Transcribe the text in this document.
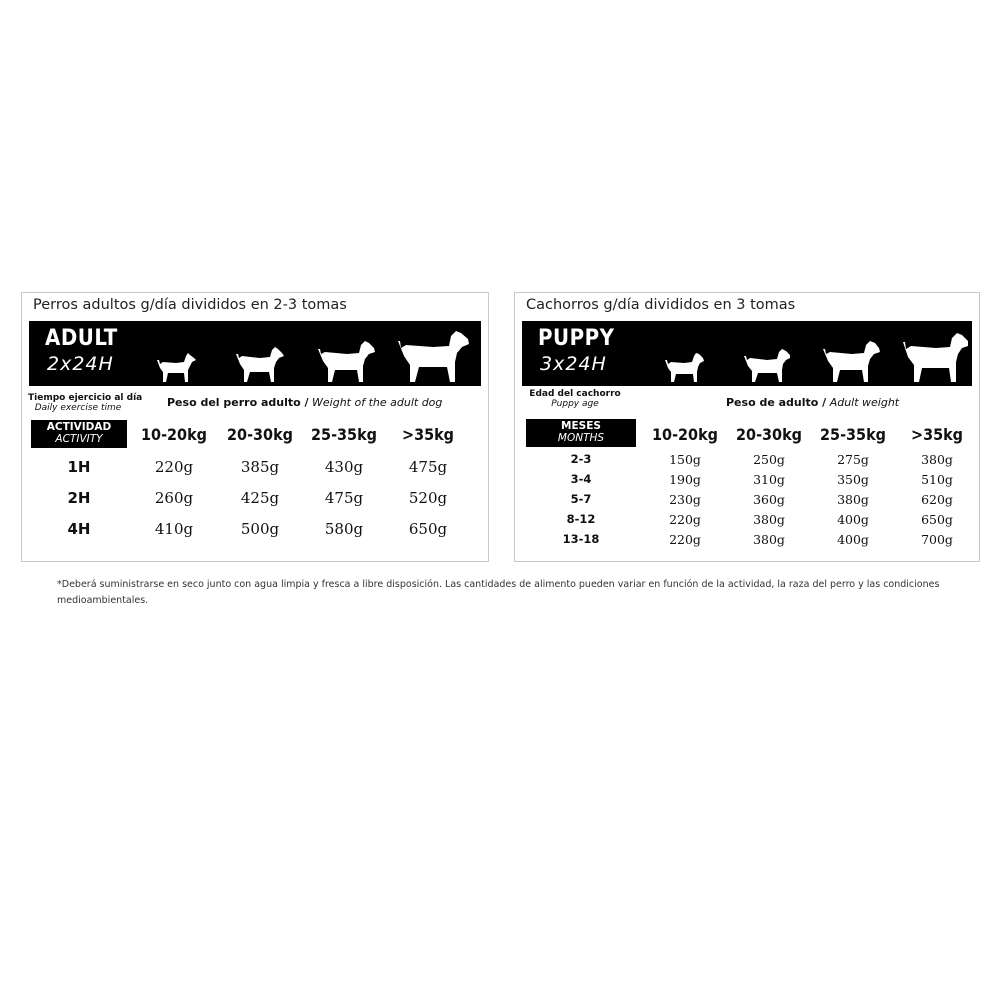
Perros adultos g/día divididos en 2-3 tomas
ADULT
2x24H
Tiempo ejercicio al día
Daily exercise time	Peso del perro adulto / Weight of the adult dog
ACTIVIDAD
ACTIVITY	10-20kg	20-30kg	25-35kg	>35kg
1H	220g	385g	430g	475g
2H	260g	425g	475g	520g
4H	410g	500g	580g	650g
Cachorros g/día divididos en 3 tomas
PUPPY
3x24H
Edad del cachorro
Puppy age	Peso de adulto / Adult weight
MESES
MONTHS	10-20kg	20-30kg	25-35kg	>35kg
2-3	150g	250g	275g	380g
3-4	190g	310g	350g	510g
5-7	230g	360g	380g	620g
8-12	220g	380g	400g	650g
13-18	220g	380g	400g	700g
*Deberá suministrarse en seco junto con agua limpia y fresca a libre disposición. Las cantidades de alimento pueden variar en función de la actividad, la raza del perro y las condiciones medioambientales.
